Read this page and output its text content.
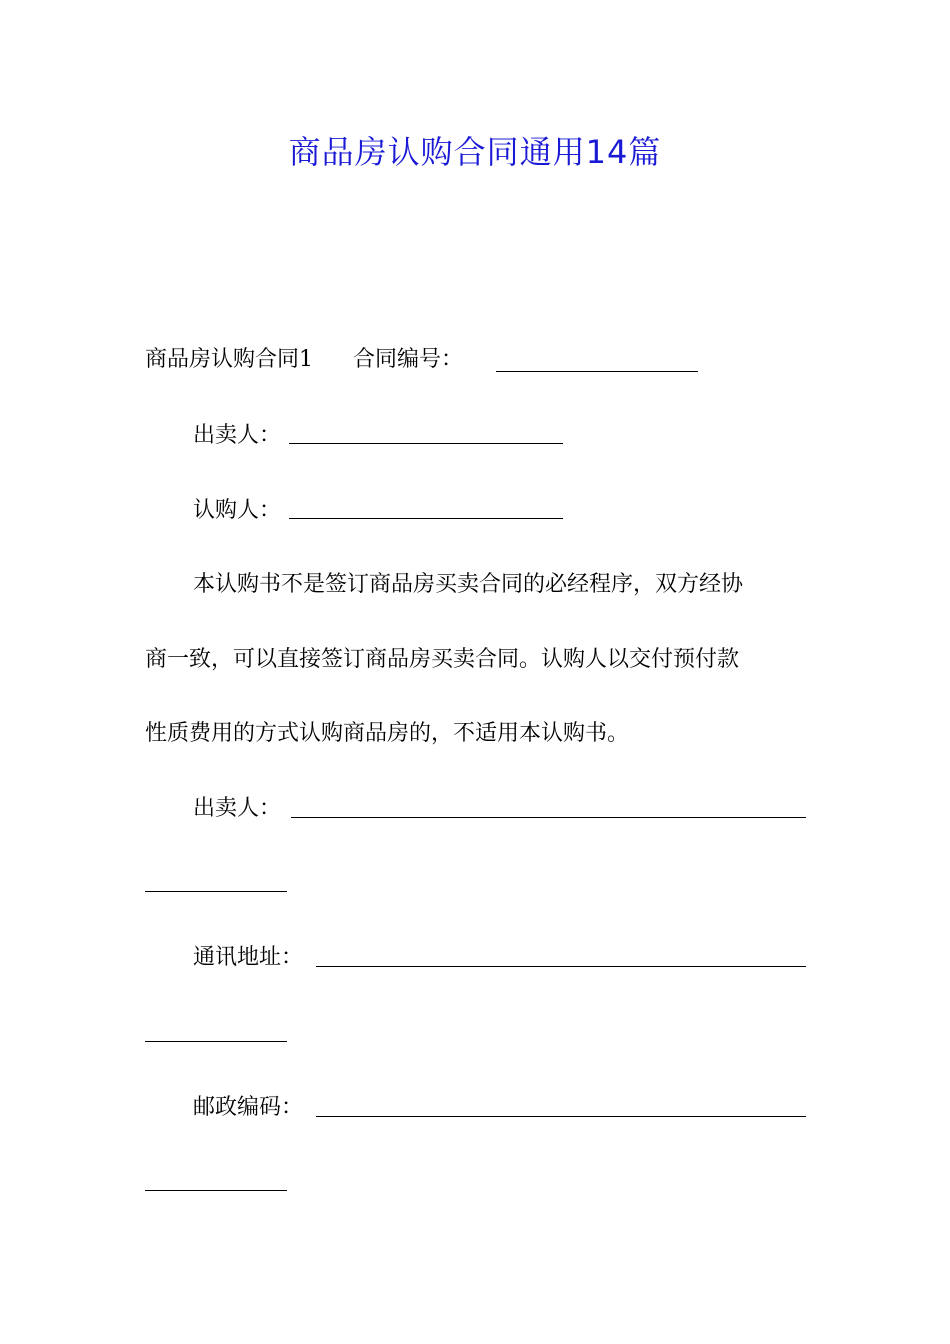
商品房认购合同通用14篇
商品房认购合同1 合同编号：
出卖人：
认购人：
本认购书不是签订商品房买卖合同的必经程序，双方经协
商一致，可以直接签订商品房买卖合同。认购人以交付预付款
性质费用的方式认购商品房的，不适用本认购书。
出卖人：
通讯地址：
邮政编码：
